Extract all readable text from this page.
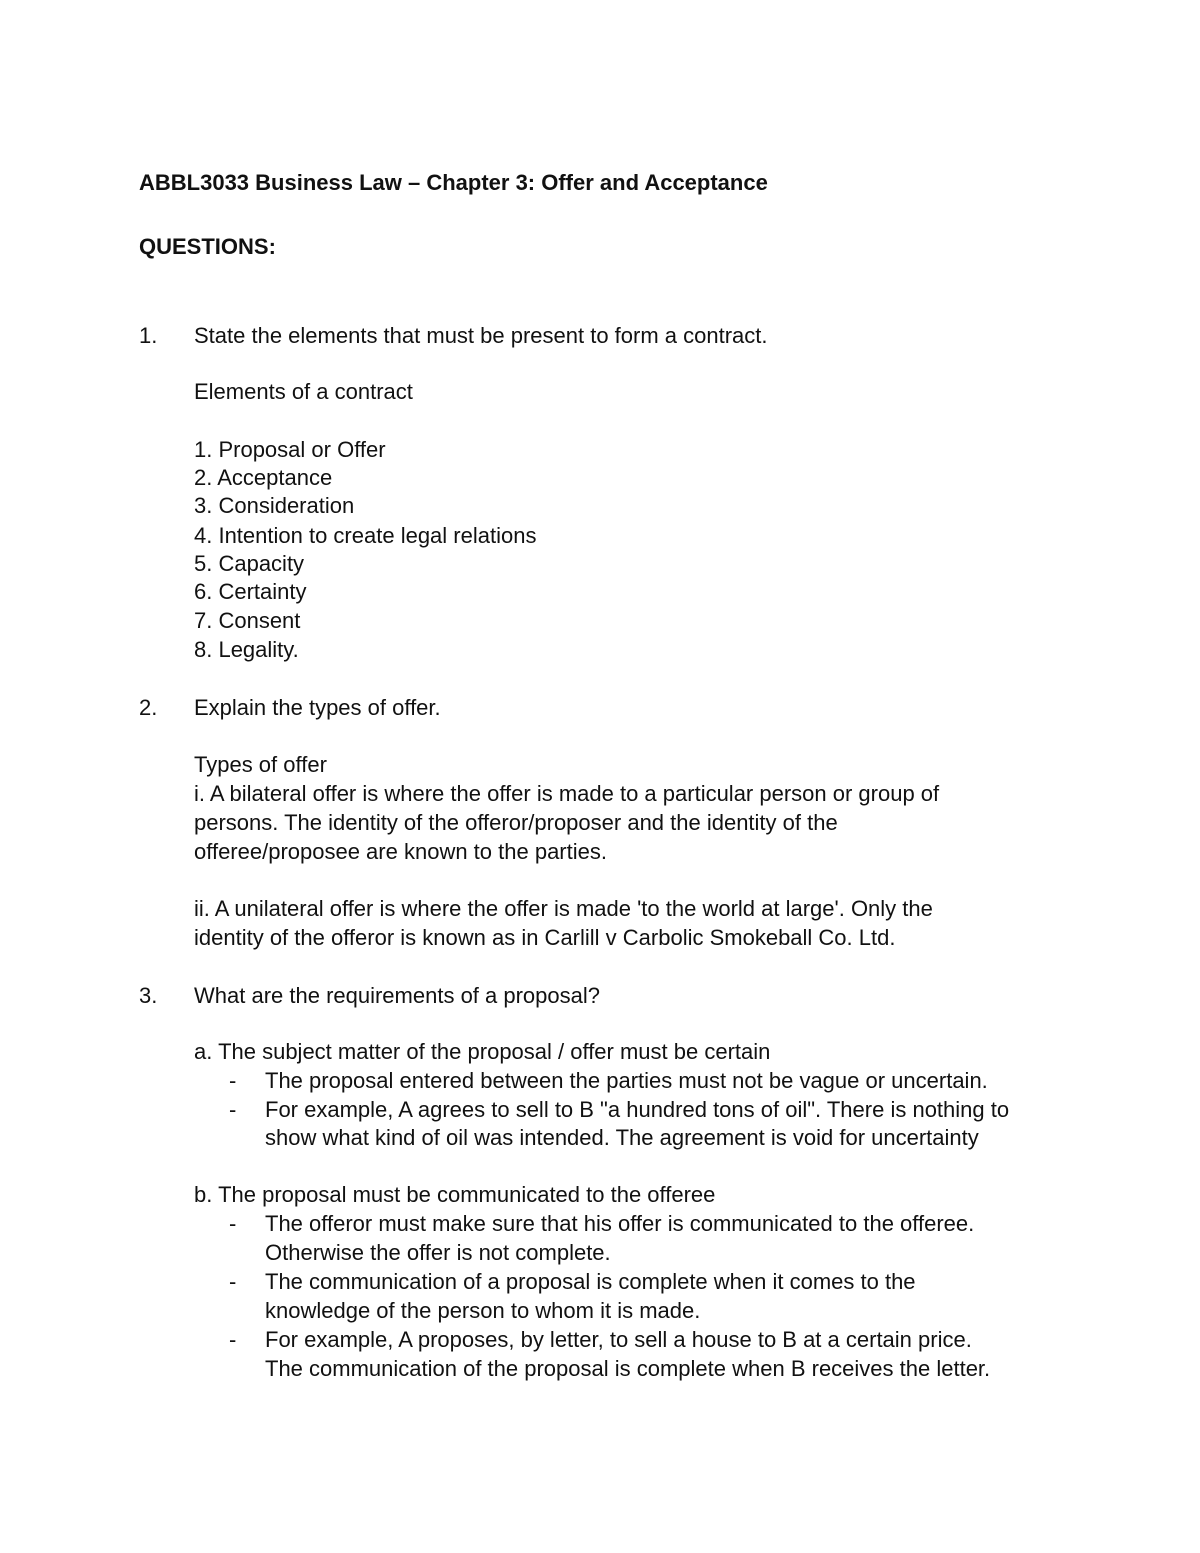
ABBL3033 Business Law – Chapter 3: Offer and Acceptance
QUESTIONS:
1. State the elements that must be present to form a contract.
Elements of a contract
1. Proposal or Offer
2. Acceptance
3. Consideration
4. Intention to create legal relations
5. Capacity
6. Certainty
7. Consent
8. Legality.
2. Explain the types of offer.
Types of offer
i. A bilateral offer is where the offer is made to a particular person or group of
persons. The identity of the offeror/proposer and the identity of the
offeree/proposee are known to the parties.
ii. A unilateral offer is where the offer is made 'to the world at large'. Only the
identity of the offeror is known as in Carlill v Carbolic Smokeball Co. Ltd.
3. What are the requirements of a proposal?
a. The subject matter of the proposal / offer must be certain
- The proposal entered between the parties must not be vague or uncertain.
- For example, A agrees to sell to B "a hundred tons of oil". There is nothing to
show what kind of oil was intended. The agreement is void for uncertainty
b. The proposal must be communicated to the offeree
- The offeror must make sure that his offer is communicated to the offeree.
Otherwise the offer is not complete.
- The communication of a proposal is complete when it comes to the
knowledge of the person to whom it is made.
- For example, A proposes, by letter, to sell a house to B at a certain price.
The communication of the proposal is complete when B receives the letter.
